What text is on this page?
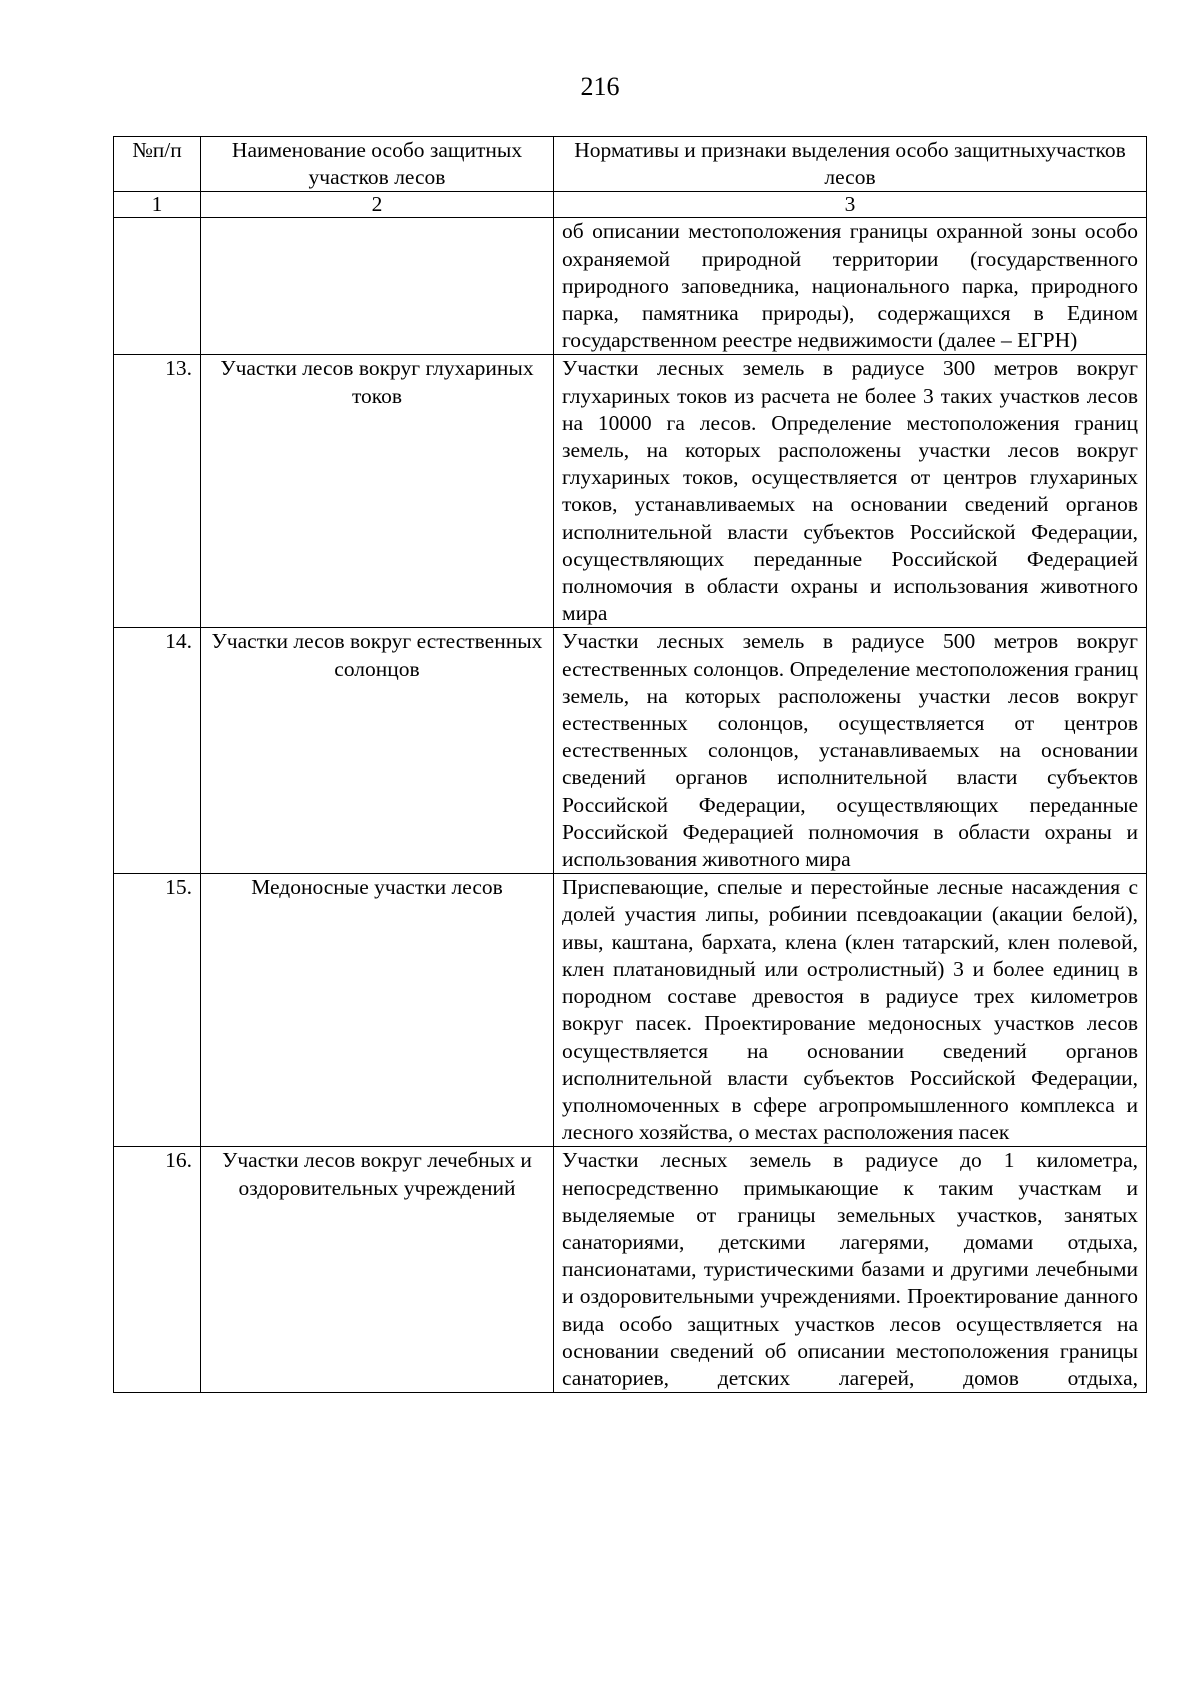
216
№п/п	Наименование особо защитных участков лесов	Нормативы и признаки выделения особо защитныхучастков лесов
1	2	3
		об описании местоположения границы охранной зоны особо охраняемой природной территории (государственного природного заповедника, национального парка, природного парка, памятника природы), содержащихся в Едином государственном реестре недвижимости (далее – ЕГРН)
13.	Участки лесов вокруг глухариных токов	Участки лесных земель в радиусе 300 метров вокруг глухариных токов из расчета не более 3 таких участков лесов на 10000 га лесов. Определение местоположения границ земель, на которых расположены участки лесов вокруг глухариных токов, осуществляется от центров глухариных токов, устанавливаемых на основании сведений органов исполнительной власти субъектов Российской Федерации, осуществляющих переданные Российской Федерацией полномочия в области охраны и использования животного мира
14.	Участки лесов вокруг естественных солонцов	Участки лесных земель в радиусе 500 метров вокруг естественных солонцов. Определение местоположения границ земель, на которых расположены участки лесов вокруг естественных солонцов, осуществляется от центров естественных солонцов, устанавливаемых на основании сведений органов исполнительной власти субъектов Российской Федерации, осуществляющих переданные Российской Федерацией полномочия в области охраны и использования животного мира
15.	Медоносные участки лесов	Приспевающие, спелые и перестойные лесные насаждения с долей участия липы, робинии псевдоакации (акации белой), ивы, каштана, бархата, клена (клен татарский, клен полевой, клен платановидный или остролистный) 3 и более единиц в породном составе древостоя в радиусе трех километров вокруг пасек. Проектирование медоносных участков лесов осуществляется на основании сведений органов исполнительной власти субъектов Российской Федерации, уполномоченных в сфере агропромышленного комплекса и лесного хозяйства, о местах расположения пасек
16.	Участки лесов вокруг лечебных и оздоровительных учреждений	Участки лесных земель в радиусе до 1 километра, непосредственно примыкающие к таким участкам и выделяемые от границы земельных участков, занятых санаториями, детскими лагерями, домами отдыха, пансионатами, туристическими базами и другими лечебными и оздоровительными учреждениями. Проектирование данного вида особо защитных участков лесов осуществляется на основании сведений об описании местоположения границы санаториев, детских лагерей, домов отдыха,
